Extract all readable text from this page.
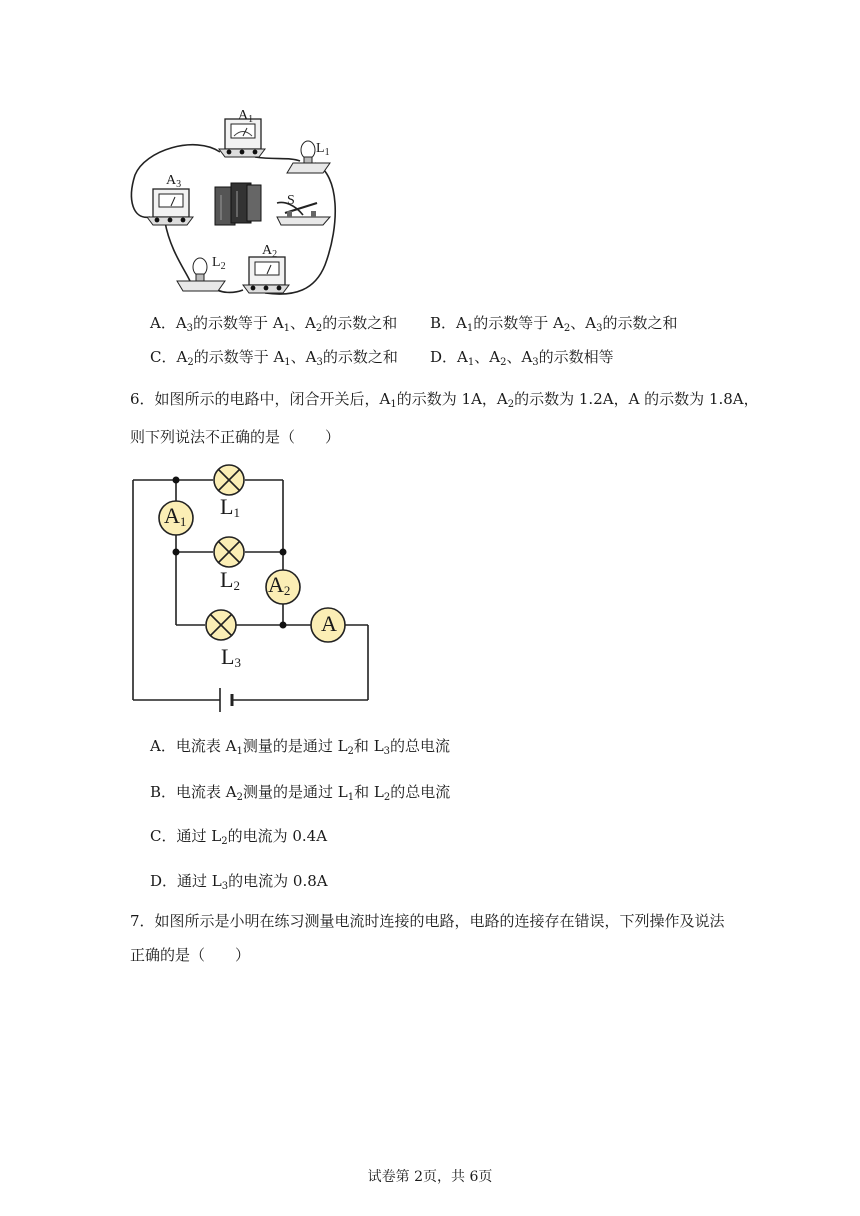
$A_1$
$L_1$
$A_3$
S
$L_2$
$A_2$
A．$A_3$的示数等于 $A_1$、$A_2$的示数之和 B．$A_1$的示数等于 $A_2$、$A_3$的示数之和
C．$A_2$的示数等于 $A_1$、$A_3$的示数之和 D．$A_1$、$A_2$、$A_3$的示数相等
6．如图所示的电路中，闭合开关后，$A_1$的示数为 1A，$A_2$的示数为 1.2A，A 的示数为 1.8A，
则下列说法不正确的是（　　）
$A_1$
$A_2$
A
$L_1$
$L_2$
$L_3$
A．电流表 $A_1$测量的是通过 $L_2$和 $L_3$的总电流
B．电流表 $A_2$测量的是通过 $L_1$和 $L_2$的总电流
C．通过 $L_2$的电流为 0.4A
D．通过 $L_3$的电流为 0.8A
7．如图所示是小明在练习测量电流时连接的电路，电路的连接存在错误，下列操作及说法
正确的是（　　）
试卷第 2页，共 6页
